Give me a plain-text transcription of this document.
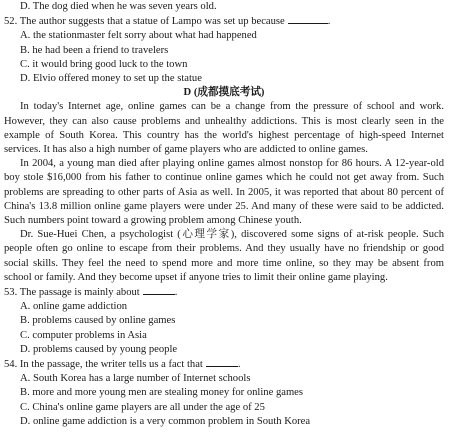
D. The dog died when he was seven years old.
52. The author suggests that a statue of Lampo was set up because	.
A. the stationmaster felt sorry about what had happened
B. he had been a friend to travelers
C. it would bring good luck to the town
D. Elvio offered money to set up the statue
D (成都摸底考试)

In today's Internet age, online games can be a change from the pressure of school and work. However, they can also cause problems and unhealthy addictions. This is most clearly seen in the example of South Korea. This country has the world's highest percentage of high-speed Internet services. It has also a high number of game players who are addicted to online games.

In 2004, a young man died after playing online games almost nonstop for 86 hours. A 12-year-old boy stole $16,000 from his father to continue online games which he could not get away from. Such problems are spreading to other parts of Asia as well. In 2005, it was reported that about 80 percent of China's 13.8 million online game players were under 25. And many of these were said to be addicted. Such numbers point toward a growing problem among Chinese youth.

Dr. Sue-Huei Chen, a psychologist (心理学家), discovered some signs of at-risk people. Such people often go online to escape from their problems. And they usually have no friendship or good social skills. They feel the need to spend more and more time online, so they may be absent from school or family. And they become upset if anyone tries to limit their online game playing.

53. The passage is mainly about	.
A. online game addiction
B. problems caused by online games
C. computer problems in Asia
D. problems caused by young people
54. In the passage, the writer tells us a fact that	.
A. South Korea has a large number of Internet schools
B. more and more young men are stealing money for online games
C. China's online game players are all under the age of 25
D. online game addiction is a very common problem in South Korea
